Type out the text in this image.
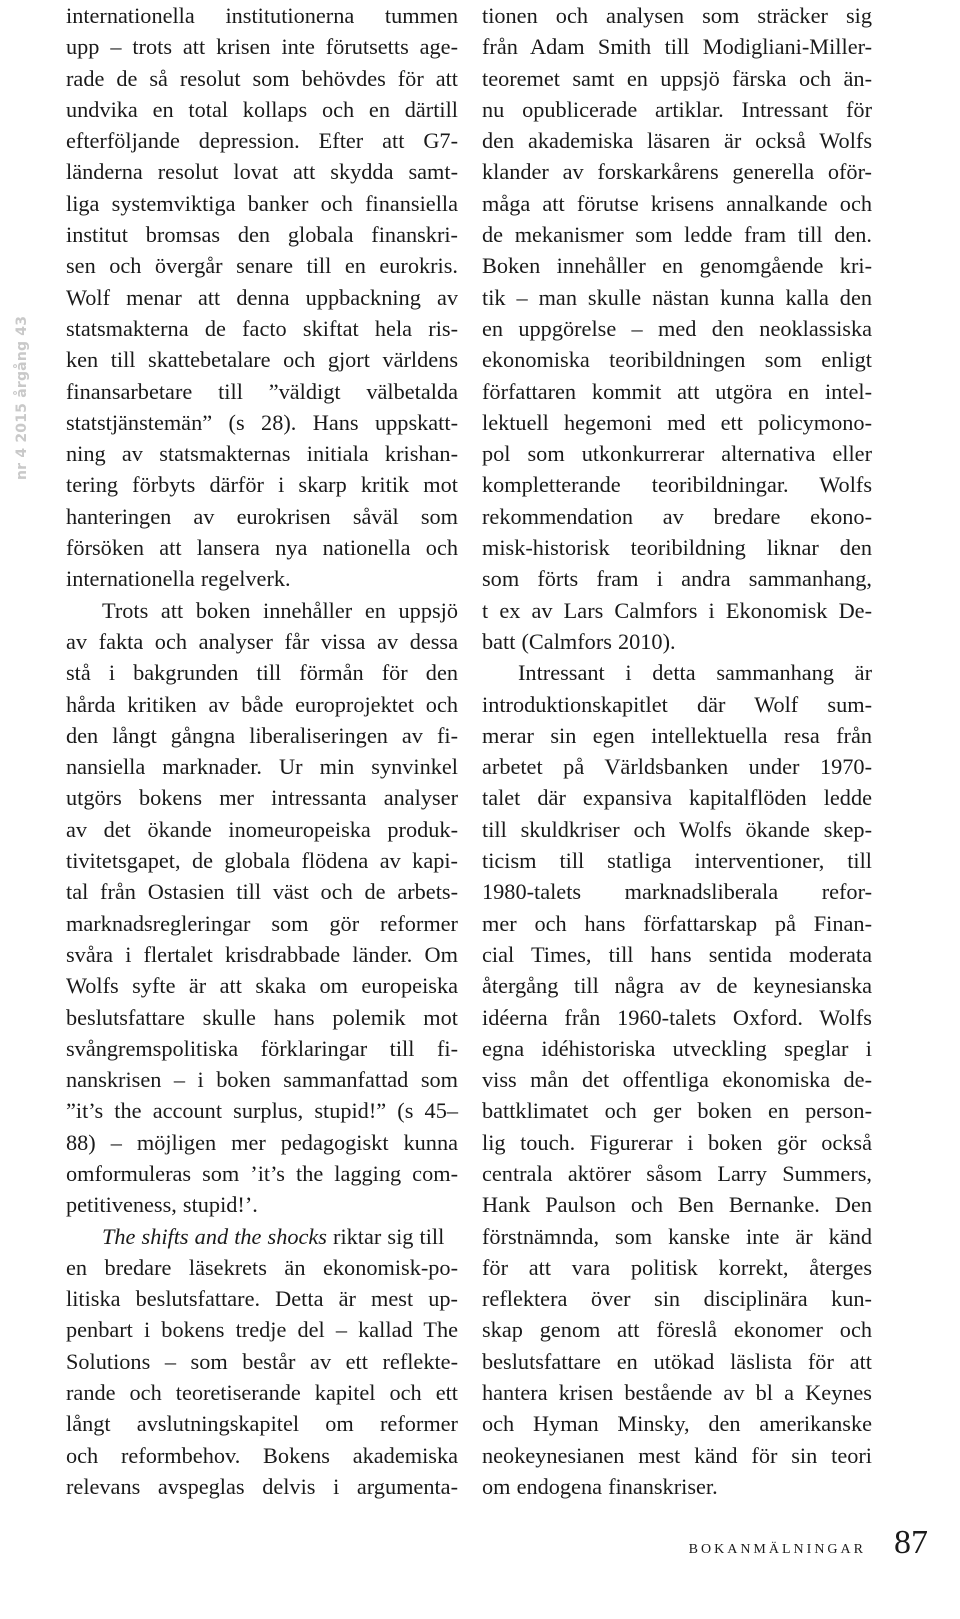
nr 4 2015 årgång 43
internationella institutionerna tummen
upp – trots att krisen inte förutsetts age-
rade de så resolut som behövdes för att
undvika en total kollaps och en därtill
efterföljande depression. Efter att G7-
länderna resolut lovat att skydda samt-
liga systemviktiga banker och finansiella
institut bromsas den globala finanskri-
sen och övergår senare till en eurokris.
Wolf menar att denna uppbackning av
statsmakterna de facto skiftat hela ris-
ken till skattebetalare och gjort världens
finansarbetare till ”väldigt välbetalda
statstjänstemän” (s 28). Hans uppskatt-
ning av statsmakternas initiala krishan-
tering förbyts därför i skarp kritik mot
hanteringen av eurokrisen såväl som
försöken att lansera nya nationella och
internationella regelverk.
Trots att boken innehåller en uppsjö
av fakta och analyser får vissa av dessa
stå i bakgrunden till förmån för den
hårda kritiken av både europrojektet och
den långt gångna liberaliseringen av fi-
nansiella marknader. Ur min synvinkel
utgörs bokens mer intressanta analyser
av det ökande inomeuropeiska produk-
tivitetsgapet, de globala flödena av kapi-
tal från Ostasien till väst och de arbets-
marknadsregleringar som gör reformer
svåra i flertalet krisdrabbade länder. Om
Wolfs syfte är att skaka om europeiska
beslutsfattare skulle hans polemik mot
svångremspolitiska förklaringar till fi-
nanskrisen – i boken sammanfattad som
”it’s the account surplus, stupid!” (s 45–
88) – möjligen mer pedagogiskt kunna
omformuleras som ’it’s the lagging com-
petitiveness, stupid!’.
The shifts and the shocks riktar sig till
en bredare läsekrets än ekonomisk-po-
litiska beslutsfattare. Detta är mest up-
penbart i bokens tredje del – kallad The
Solutions – som består av ett reflekte-
rande och teoretiserande kapitel och ett
långt avslutningskapitel om reformer
och reformbehov. Bokens akademiska
relevans avspeglas delvis i argumenta-
tionen och analysen som sträcker sig
från Adam Smith till Modigliani-Miller-
teoremet samt en uppsjö färska och än-
nu opublicerade artiklar. Intressant för
den akademiska läsaren är också Wolfs
klander av forskarkårens generella oför-
måga att förutse krisens annalkande och
de mekanismer som ledde fram till den.
Boken innehåller en genomgående kri-
tik – man skulle nästan kunna kalla den
en uppgörelse – med den neoklassiska
ekonomiska teoribildningen som enligt
författaren kommit att utgöra en intel-
lektuell hegemoni med ett policymono-
pol som utkonkurrerar alternativa eller
kompletterande teoribildningar. Wolfs
rekommendation av bredare ekono-
misk-historisk teoribildning liknar den
som förts fram i andra sammanhang,
t ex av Lars Calmfors i Ekonomisk De-
batt (Calmfors 2010).
Intressant i detta sammanhang är
introduktionskapitlet där Wolf sum-
merar sin egen intellektuella resa från
arbetet på Världsbanken under 1970-
talet där expansiva kapitalflöden ledde
till skuldkriser och Wolfs ökande skep-
ticism till statliga interventioner, till
1980-talets marknadsliberala refor-
mer och hans författarskap på Finan-
cial Times, till hans sentida moderata
återgång till några av de keynesianska
idéerna från 1960-talets Oxford. Wolfs
egna idéhistoriska utveckling speglar i
viss mån det offentliga ekonomiska de-
battklimatet och ger boken en person-
lig touch. Figurerar i boken gör också
centrala aktörer såsom Larry Summers,
Hank Paulson och Ben Bernanke. Den
förstnämnda, som kanske inte är känd
för att vara politisk korrekt, återges
reflektera över sin disciplinära kun-
skap genom att föreslå ekonomer och
beslutsfattare en utökad läslista för att
hantera krisen bestående av bl a Keynes
och Hyman Minsky, den amerikanske
neokeynesianen mest känd för sin teori
om endogena finanskriser.
BOKANMÄLNINGAR 87
